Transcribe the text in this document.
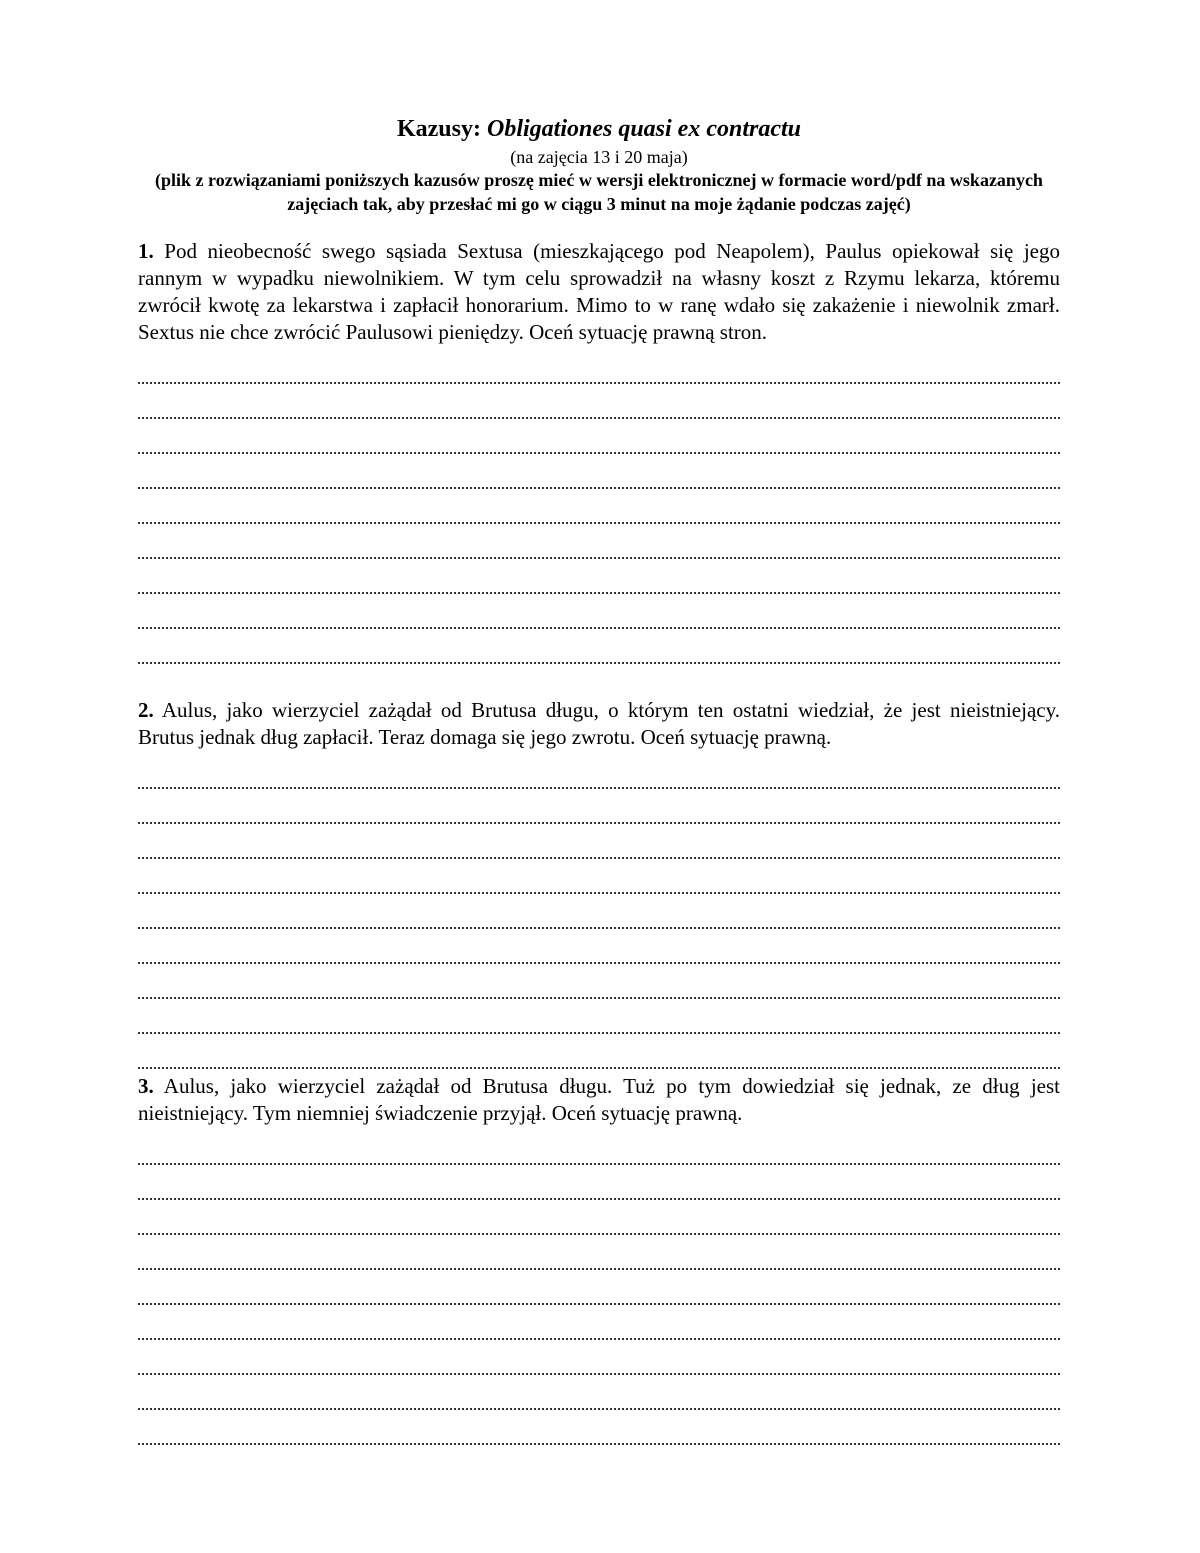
Kazusy: Obligationes quasi ex contractu
(na zajęcia 13 i 20 maja)
(plik z rozwiązaniami poniższych kazusów proszę mieć w wersji elektronicznej w formacie word/pdf na wskazanych zajęciach tak, aby przesłać mi go w ciągu 3 minut na moje żądanie podczas zajęć)

1. Pod nieobecność swego sąsiada Sextusa (mieszkającego pod Neapolem), Paulus opiekował się jego rannym w wypadku niewolnikiem. W tym celu sprowadził na własny koszt z Rzymu lekarza, któremu zwrócił kwotę za lekarstwa i zapłacił honorarium. Mimo to w ranę wdało się zakażenie i niewolnik zmarł. Sextus nie chce zwrócić Paulusowi pieniędzy. Oceń sytuację prawną stron.

2. Aulus, jako wierzyciel zażądał od Brutusa długu, o którym ten ostatni wiedział, że jest nieistniejący. Brutus jednak dług zapłacił. Teraz domaga się jego zwrotu. Oceń sytuację prawną.

3. Aulus, jako wierzyciel zażądał od Brutusa długu. Tuż po tym dowiedział się jednak, ze dług jest nieistniejący. Tym niemniej świadczenie przyjął. Oceń sytuację prawną.
